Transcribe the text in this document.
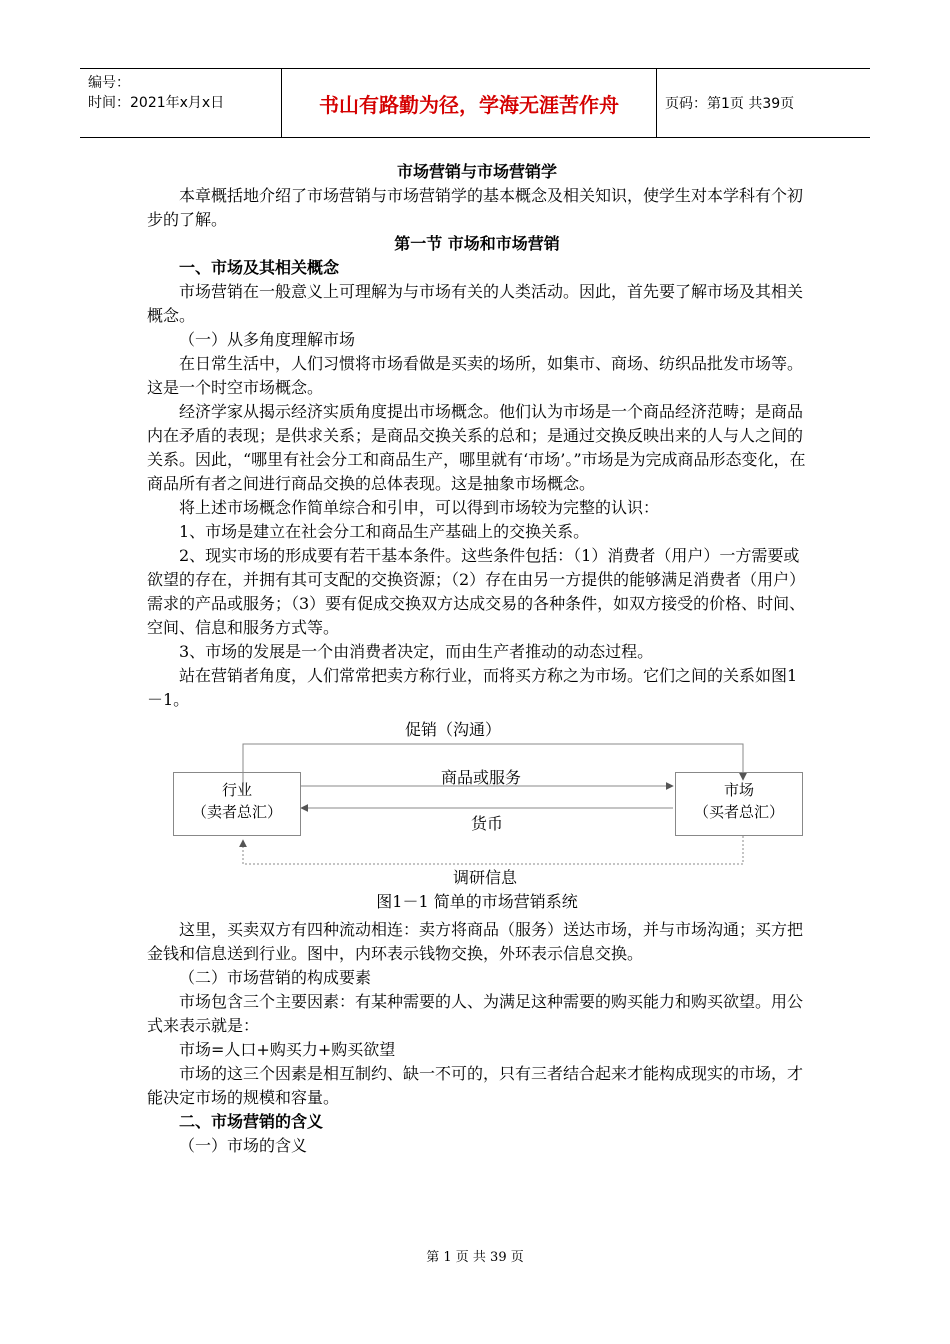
编号：
时间：2021年x月x日	书山有路勤为径，学海无涯苦作舟	页码：第1页 共39页

市场营销与市场营销学

本章概括地介绍了市场营销与市场营销学的基本概念及相关知识，使学生对本学科有个初步的了解。

第一节 市场和市场营销

一、市场及其相关概念

市场营销在一般意义上可理解为与市场有关的人类活动。因此，首先要了解市场及其相关概念。

（一）从多角度理解市场

在日常生活中，人们习惯将市场看做是买卖的场所，如集市、商场、纺织品批发市场等。这是一个时空市场概念。

经济学家从揭示经济实质角度提出市场概念。他们认为市场是一个商品经济范畴；是商品内在矛盾的表现；是供求关系；是商品交换关系的总和；是通过交换反映出来的人与人之间的关系。因此，“哪里有社会分工和商品生产，哪里就有‘市场’。”市场是为完成商品形态变化，在商品所有者之间进行商品交换的总体表现。这是抽象市场概念。

将上述市场概念作简单综合和引申，可以得到市场较为完整的认识：

1、市场是建立在社会分工和商品生产基础上的交换关系。

2、现实市场的形成要有若干基本条件。这些条件包括：（1）消费者（用户）一方需要或欲望的存在，并拥有其可支配的交换资源；（2）存在由另一方提供的能够满足消费者（用户）需求的产品或服务；（3）要有促成交换双方达成交易的各种条件，如双方接受的价格、时间、空间、信息和服务方式等。

3、市场的发展是一个由消费者决定，而由生产者推动的动态过程。

站在营销者角度，人们常常把卖方称行业，而将买方称之为市场。它们之间的关系如图1－1。

促销（沟通）
商品或服务
货币
行业
（卖者总汇）
市场
（买者总汇）
调研信息
图1－1 简单的市场营销系统

这里，买卖双方有四种流动相连：卖方将商品（服务）送达市场，并与市场沟通；买方把金钱和信息送到行业。图中，内环表示钱物交换，外环表示信息交换。

（二）市场营销的构成要素

市场包含三个主要因素：有某种需要的人、为满足这种需要的购买能力和购买欲望。用公式来表示就是：

市场=人口+购买力+购买欲望

市场的这三个因素是相互制约、缺一不可的，只有三者结合起来才能构成现实的市场，才能决定市场的规模和容量。

二、市场营销的含义

（一）市场的含义

第 1 页 共 39 页
